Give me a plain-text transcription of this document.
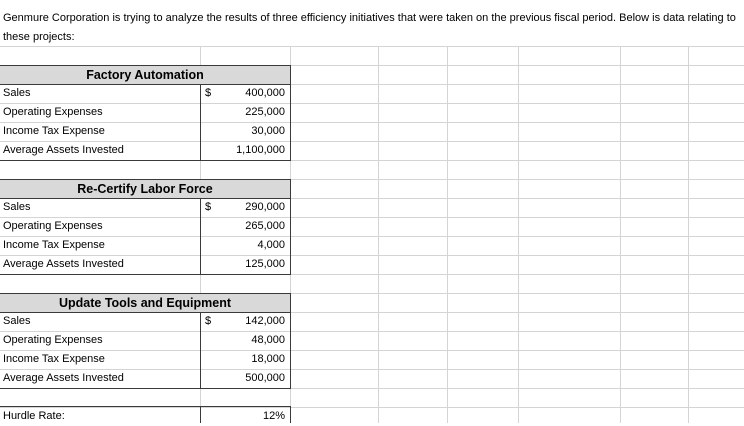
Genmure Corporation is trying to analyze the results of three efficiency initiatives that were taken on the previous fiscal period. Below is data relating to these projects:
Factory Automation
Sales	$	400,000
Operating Expenses	225,000
Income Tax Expense	30,000
Average Assets Invested	1,100,000
Re-Certify Labor Force
Sales	$	290,000
Operating Expenses	265,000
Income Tax Expense	4,000
Average Assets Invested	125,000
Update Tools and Equipment
Sales	$	142,000
Operating Expenses	48,000
Income Tax Expense	18,000
Average Assets Invested	500,000
Hurdle Rate:	12%
